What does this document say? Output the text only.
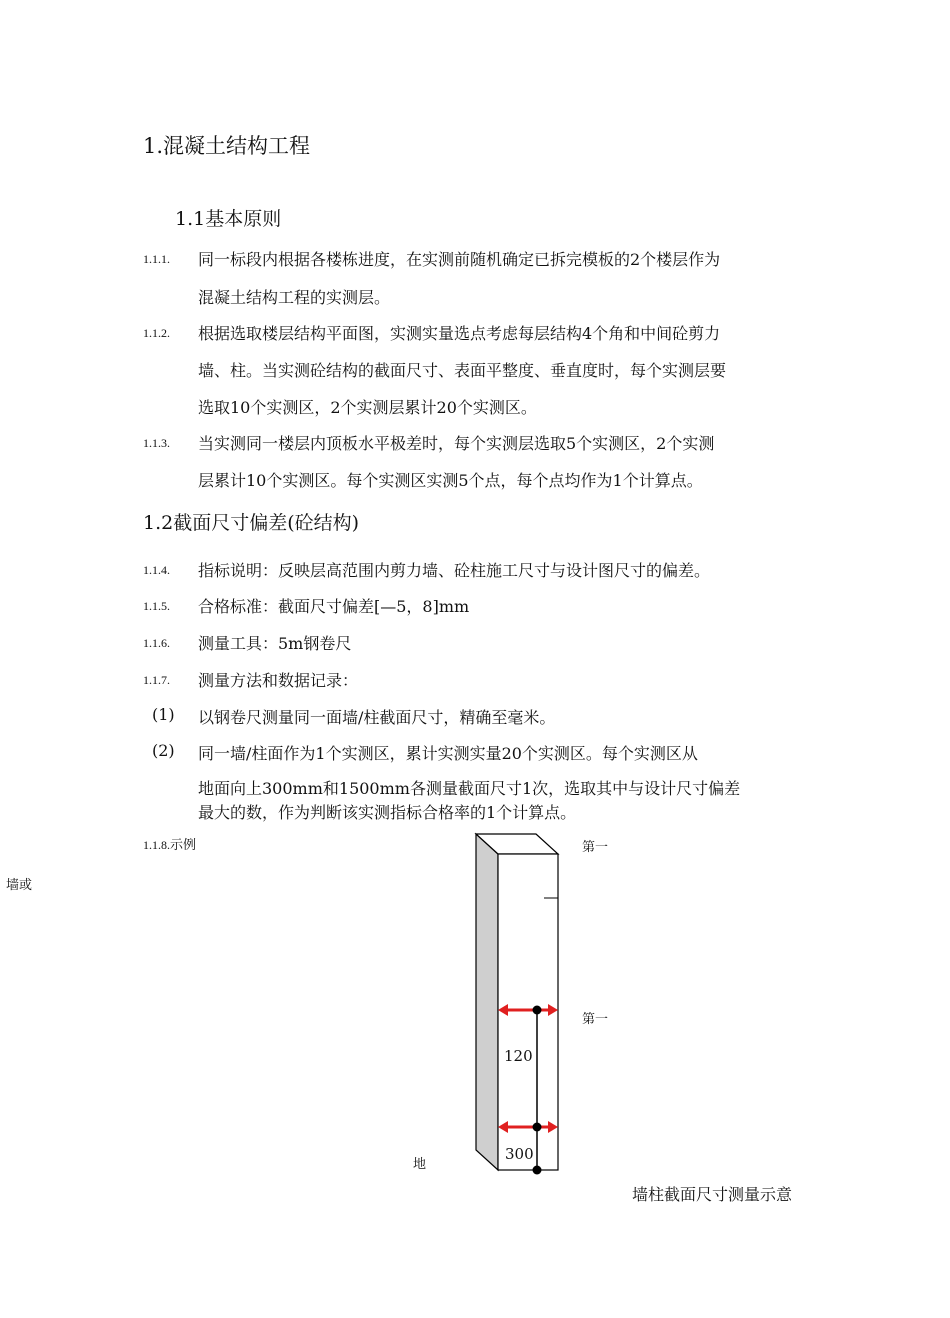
1.混凝土结构工程
1.1基本原则
1.1.1. 同一标段内根据各楼栋进度，在实测前随机确定已拆完模板的2个楼层作为
混凝土结构工程的实测层。
1.1.2. 根据选取楼层结构平面图，实测实量选点考虑每层结构4个角和中间砼剪力
墙、柱。当实测砼结构的截面尺寸、表面平整度、垂直度时，每个实测层要
选取10个实测区，2个实测层累计20个实测区。
1.1.3. 当实测同一楼层内顶板水平极差时，每个实测层选取5个实测区，2个实测
层累计10个实测区。每个实测区实测5个点，每个点均作为1个计算点。
1.2截面尺寸偏差(砼结构)
1.1.4. 指标说明：反映层高范围内剪力墙、砼柱施工尺寸与设计图尺寸的偏差。
1.1.5. 合格标准：截面尺寸偏差[—5，8]mm
1.1.6. 测量工具：5m钢卷尺
1.1.7. 测量方法和数据记录：
(1) 以钢卷尺测量同一面墙/柱截面尺寸，精确至毫米。
(2) 同一墙/柱面作为1个实测区，累计实测实量20个实测区。每个实测区从
地面向上300mm和1500mm各测量截面尺寸1次，选取其中与设计尺寸偏差
最大的数，作为判断该实测指标合格率的1个计算点。
1.1.8.示例
墙或
第一
第一
地
120
300
墙柱截面尺寸测量示意
